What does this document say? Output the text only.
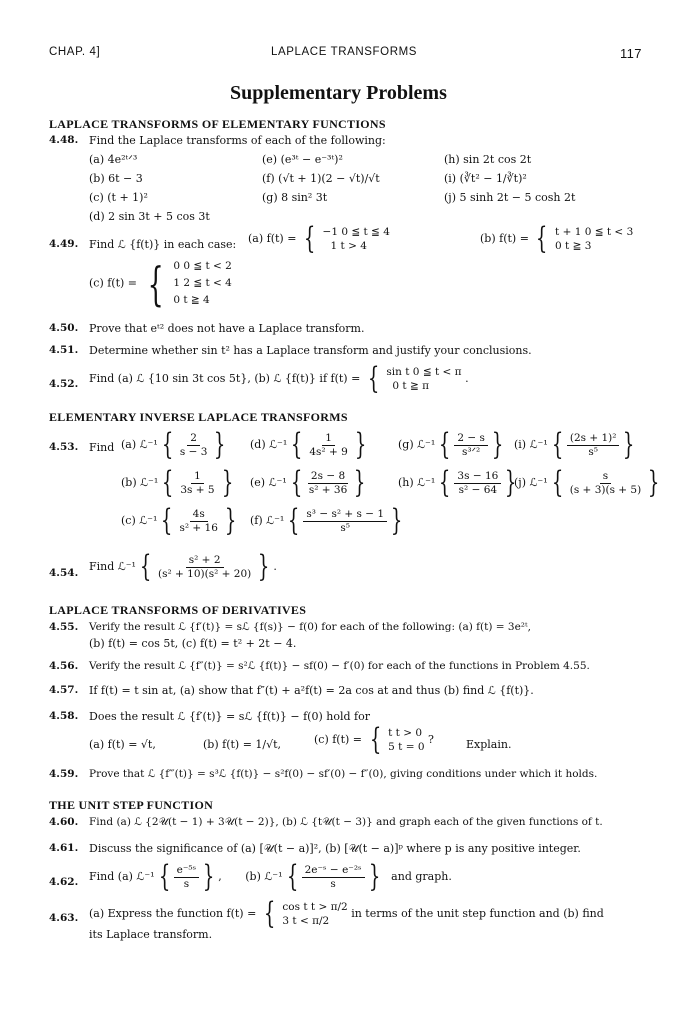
CHAP. 4]	LAPLACE TRANSFORMS	117
Supplementary Problems
LAPLACE TRANSFORMS OF ELEMENTARY FUNCTIONS
4.48. Find the Laplace transforms of each of the following:
(a) 4e²ᵗᐟ³
(b) 6t − 3
(c) (t + 1)²
(d) 2 sin 3t + 5 cos 3t
(e) (e³ᵗ − e⁻³ᵗ)²
(f) (√t + 1)(2 − √t)/√t
(g) 8 sin² 3t
(h) sin 2t cos 2t
(i) (∛t² − 1/∛t)²
(j) 5 sinh 2t − 5 cosh 2t
4.49. Find ℒ {f(t)} in each case: (a) f(t) = { −1 0 ≦ t ≦ 4
1 t > 4
(b) f(t) = { t + 1 0 ≦ t < 3
0 t ≧ 3
(c) f(t) = { 0 0 ≦ t < 2
1 2 ≦ t < 4
0 t ≧ 4
4.50. Prove that eᵗ² does not have a Laplace transform.
4.51. Determine whether sin t² has a Laplace transform and justify your conclusions.
4.52. Find (a) ℒ {10 sin 3t cos 5t}, (b) ℒ {f(t)} if f(t) = { sin t 0 ≦ t < π
0 t ≧ π
.
ELEMENTARY INVERSE LAPLACE TRANSFORMS
4.53. Find (a) ℒ⁻¹ { $\frac{2}{s - 3}$ }
(b) ℒ⁻¹ { $\frac{1}{3s + 5}$ }
(c) ℒ⁻¹ { $\frac{4s}{\text{s² + 16}}$ }
(d) ℒ⁻¹ { $\frac{1}{\text{4s² + 9}}$ }
(e) ℒ⁻¹ { $\frac{2s - 8}{\text{s² + 36}}$ }
(f) ℒ⁻¹ { $\frac{\text{s³ − s² + s − 1}}{\text{s⁵}}$ }
(g) ℒ⁻¹ { $\frac{2 - s}{\text{s³ᐟ²}}$ }
(h) ℒ⁻¹ { $\frac{3s - 16}{\text{s² − 64}}$ }
(i) ℒ⁻¹ { $\frac{\text{(2s + 1)²}}{\text{s⁵}}$ }
(j) ℒ⁻¹ { $\frac{s}{(s + 3)(s + 5)}$ }
4.54. Find ℒ⁻¹ { $\frac{\text{s² + 2}}{\text{(s² + 10)(s² + 20)}}$ } .
LAPLACE TRANSFORMS OF DERIVATIVES
4.55. Verify the result ℒ {f′(t)} = sℒ {f(s)} − f(0) for each of the following: (a) f(t) = 3e²ᵗ,
(b) f(t) = cos 5t, (c) f(t) = t² + 2t − 4.
4.56. Verify the result ℒ {f″(t)} = s²ℒ {f(t)} − sf(0) − f′(0) for each of the functions in Problem 4.55.
4.57. If f(t) = t sin at, (a) show that f″(t) + a²f(t) = 2a cos at and thus (b) find ℒ {f(t)}.
4.58. Does the result ℒ {f′(t)} = sℒ {f(t)} − f(0) hold for
(a) f(t) = √t,	(b) f(t) = 1/√t,	(c) f(t) = { t t > 0
5 t = 0
?	Explain.
4.59. Prove that ℒ {f‴(t)} = s³ℒ {f(t)} − s²f(0) − sf′(0) − f″(0), giving conditions under which it holds.
THE UNIT STEP FUNCTION
4.60. Find (a) ℒ {2𝒰(t − 1) + 3𝒰(t − 2)}, (b) ℒ {t𝒰(t − 3)} and graph each of the given functions of t.
4.61. Discuss the significance of (a) [𝒰(t − a)]², (b) [𝒰(t − a)]ᵖ where p is any positive integer.
4.62. Find (a) ℒ⁻¹ { $\frac{\text{e⁻⁵ˢ}}{s}$ } , (b) ℒ⁻¹ { $\frac{\text{2e⁻ˢ − e⁻²ˢ}}{s}$ } and graph.
4.63. (a) Express the function f(t) = { cos t t > π/2
3 t < π/2
in terms of the unit step function and (b) find
its Laplace transform.
